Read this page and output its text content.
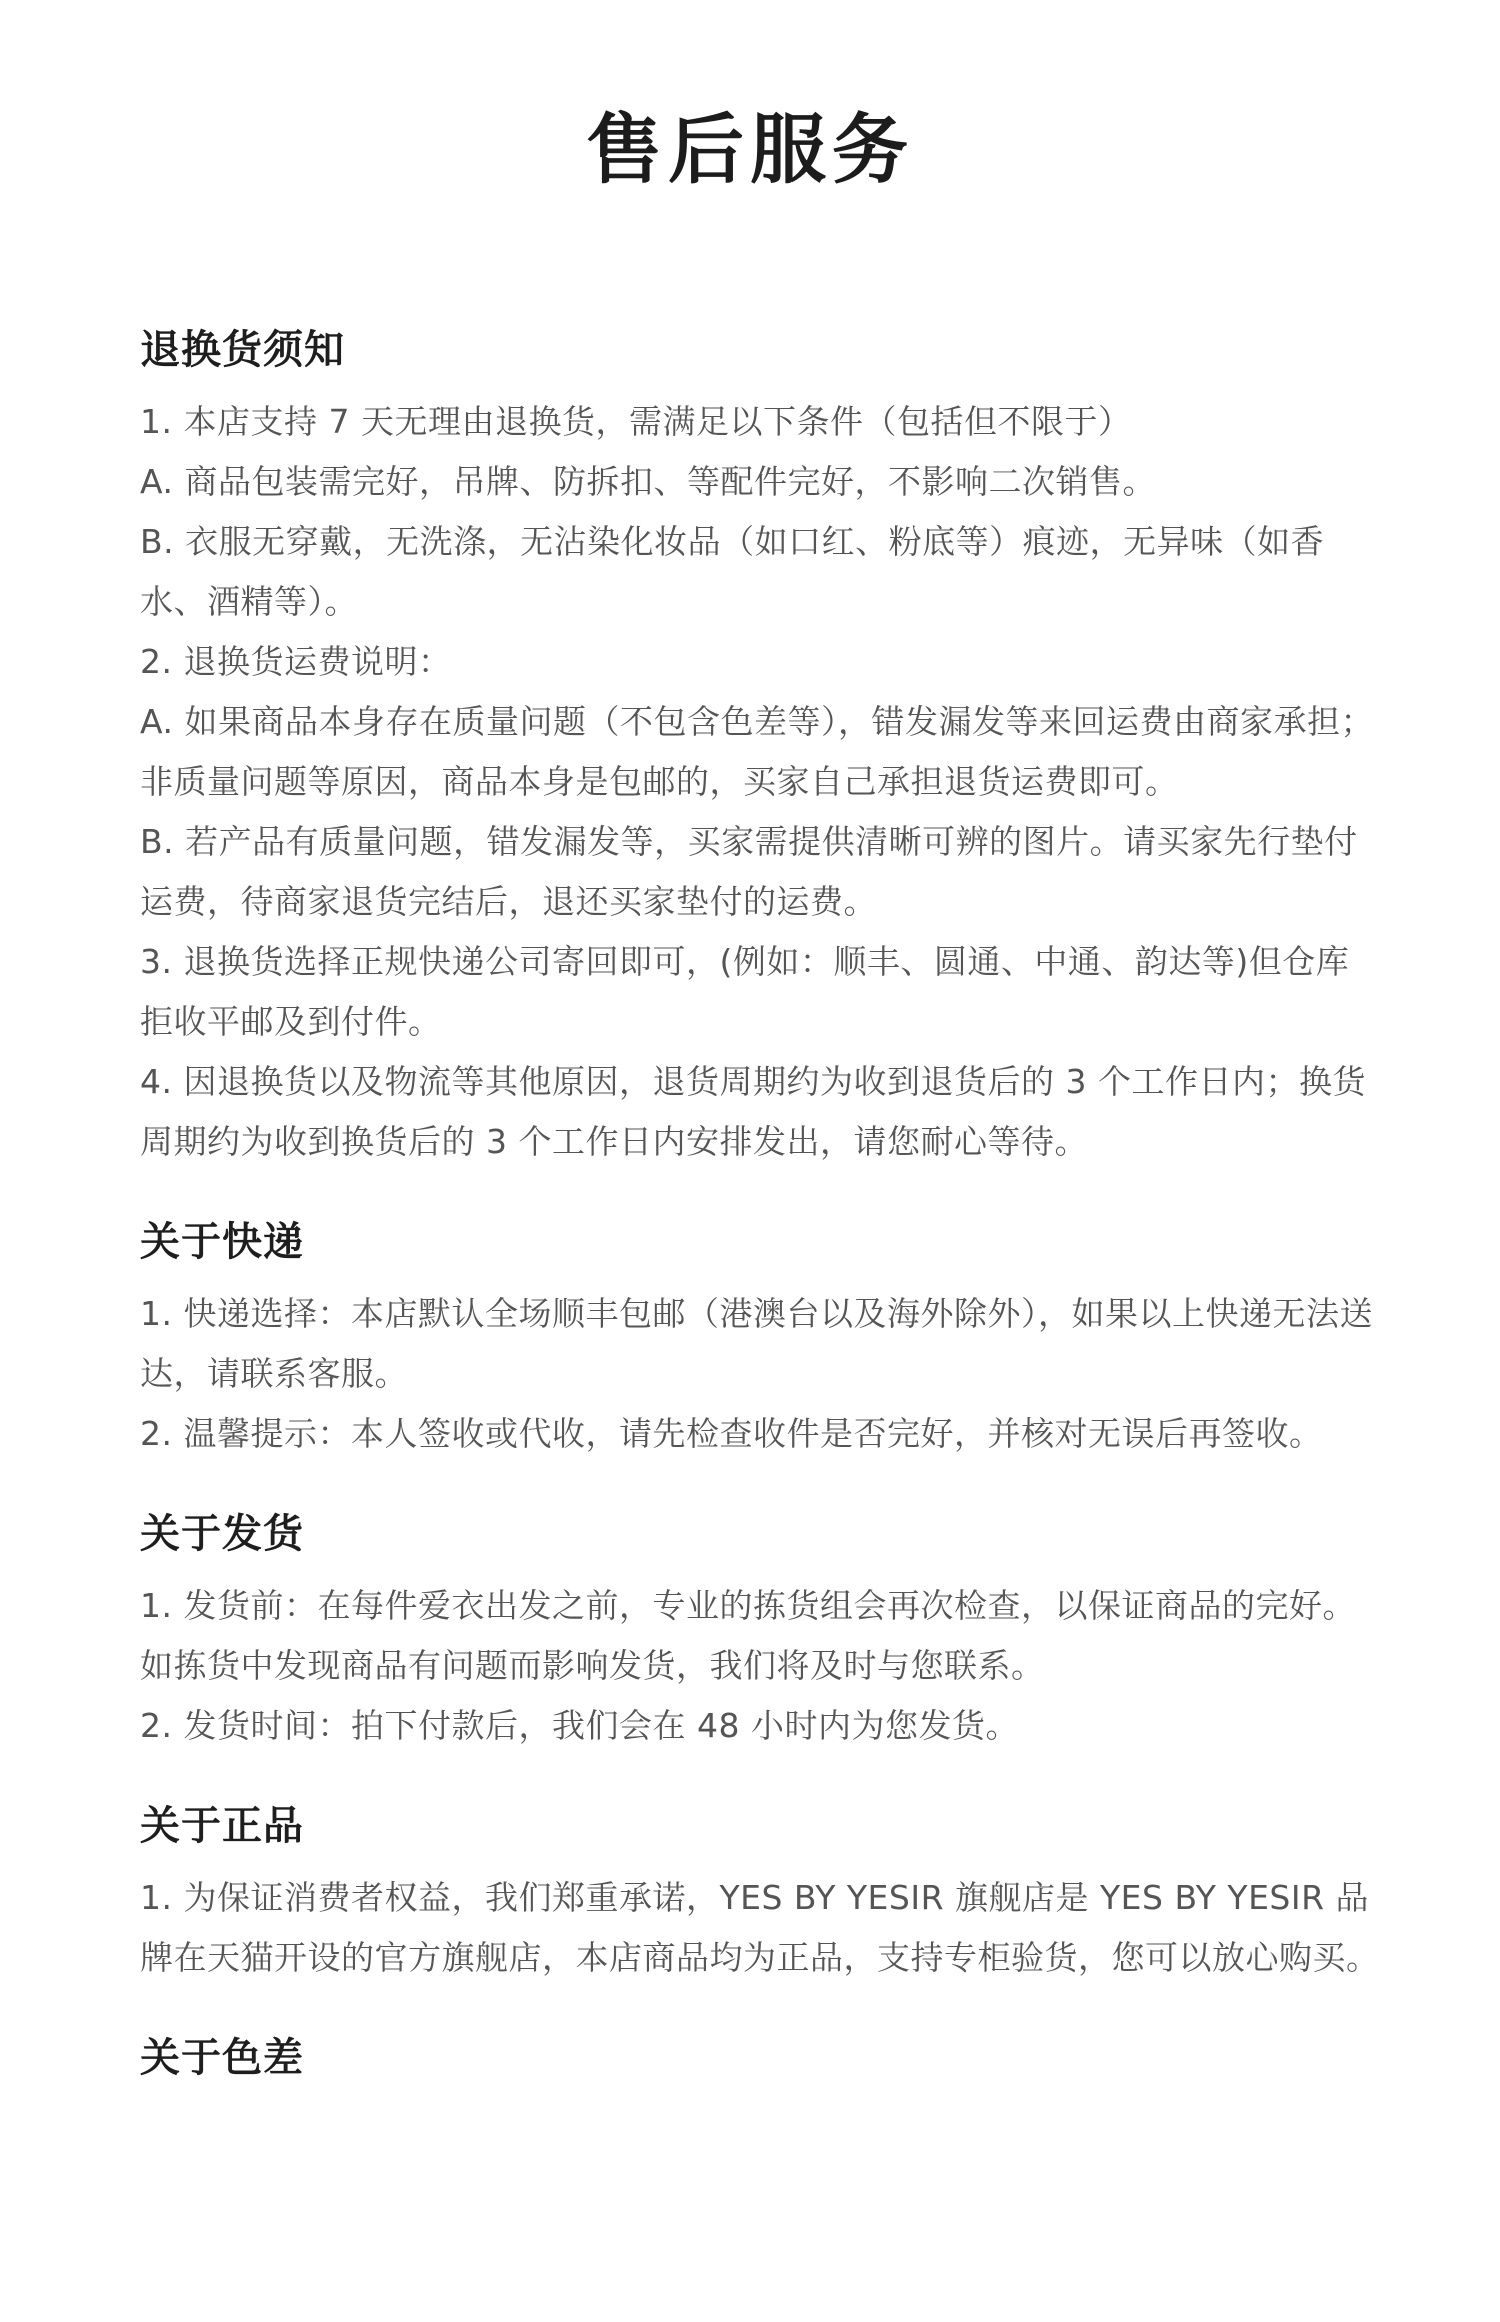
售后服务
退换货须知

1. 本店支持 7 天无理由退换货，需满足以下条件（包括但不限于）

A. 商品包装需完好，吊牌、防拆扣、等配件完好，不影响二次销售。

B. 衣服无穿戴，无洗涤，无沾染化妆品（如口红、粉底等）痕迹，无异味（如香水、酒精等）。

2. 退换货运费说明：

A. 如果商品本身存在质量问题（不包含色差等），错发漏发等来回运费由商家承担；非质量问题等原因，商品本身是包邮的，买家自己承担退货运费即可。

B. 若产品有质量问题，错发漏发等，买家需提供清晰可辨的图片。请买家先行垫付运费，待商家退货完结后，退还买家垫付的运费。

3. 退换货选择正规快递公司寄回即可，(例如：顺丰、圆通、中通、韵达等)但仓库拒收平邮及到付件。

4. 因退换货以及物流等其他原因，退货周期约为收到退货后的 3 个工作日内；换货周期约为收到换货后的 3 个工作日内安排发出，请您耐心等待。

关于快递

1. 快递选择：本店默认全场顺丰包邮（港澳台以及海外除外），如果以上快递无法送达，请联系客服。

2. 温馨提示：本人签收或代收，请先检查收件是否完好，并核对无误后再签收。

关于发货

1. 发货前：在每件爱衣出发之前，专业的拣货组会再次检查，以保证商品的完好。如拣货中发现商品有问题而影响发货，我们将及时与您联系。

2. 发货时间：拍下付款后，我们会在 48 小时内为您发货。

关于正品

1. 为保证消费者权益，我们郑重承诺，YES BY YESIR 旗舰店是 YES BY YESIR 品牌在天猫开设的官方旗舰店，本店商品均为正品，支持专柜验货，您可以放心购买。

关于色差
